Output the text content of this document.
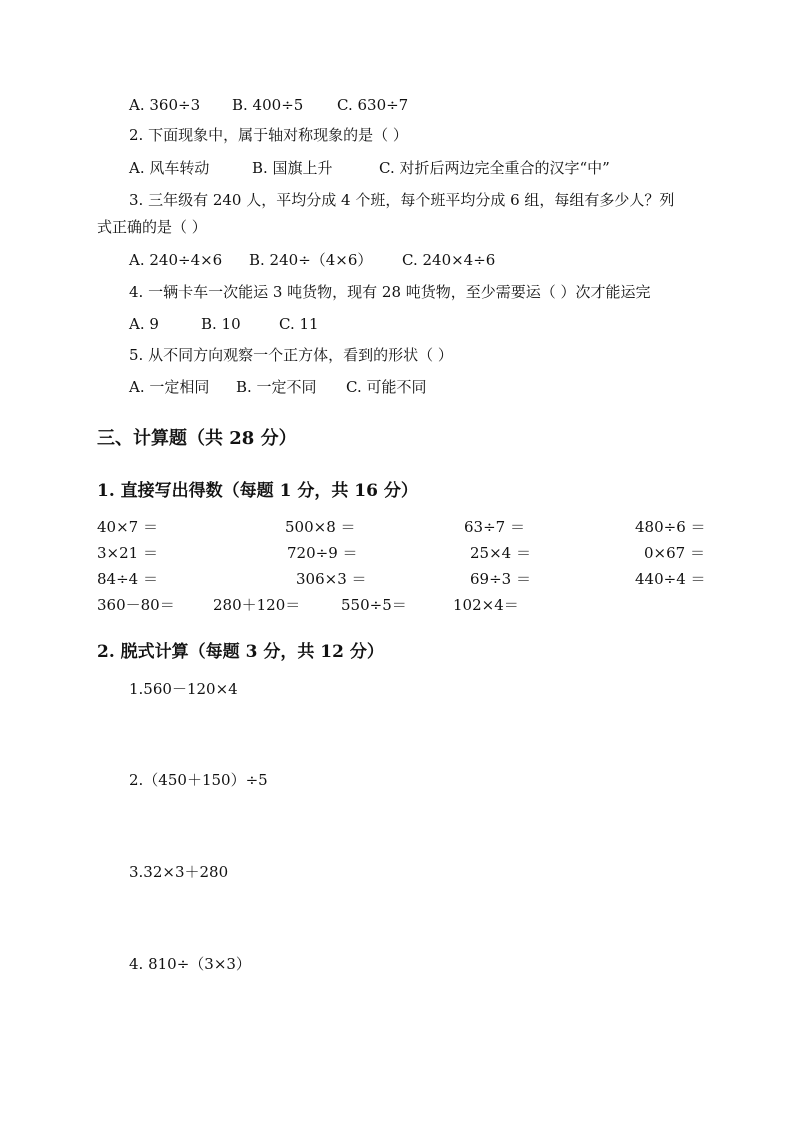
A. 360÷3 B. 400÷5 C. 630÷7
2. 下面现象中，属于轴对称现象的是（ ）
A. 风车转动	B. 国旗上升	C. 对折后两边完全重合的汉字“中”
3. 三年级有 240 人，平均分成 4 个班，每个班平均分成 6 组，每组有多少人？列
式正确的是（ ）
A. 240÷4×6 B. 240÷（4×6） C. 240×4÷6
4. 一辆卡车一次能运 3 吨货物，现有 28 吨货物，至少需要运（ ）次才能运完
A. 9	B. 10	C. 11
5. 从不同方向观察一个正方体，看到的形状（ ）
A. 一定相同 B. 一定不同 C. 可能不同
三、计算题（共 28 分）
1. 直接写出得数（每题 1 分，共 16 分）
40×7 ＝	500×8 ＝	63÷7 ＝	480÷6 ＝
3×21 ＝	720÷9 ＝	25×4 ＝	0×67 ＝
84÷4 ＝	306×3 ＝	69÷3 ＝	440÷4 ＝
360－80＝	280＋120＝	550÷5＝	102×4＝
2. 脱式计算（每题 3 分，共 12 分）
1.560－120×4
2.（450＋150）÷5
3.32×3＋280
4. 810÷（3×3）
